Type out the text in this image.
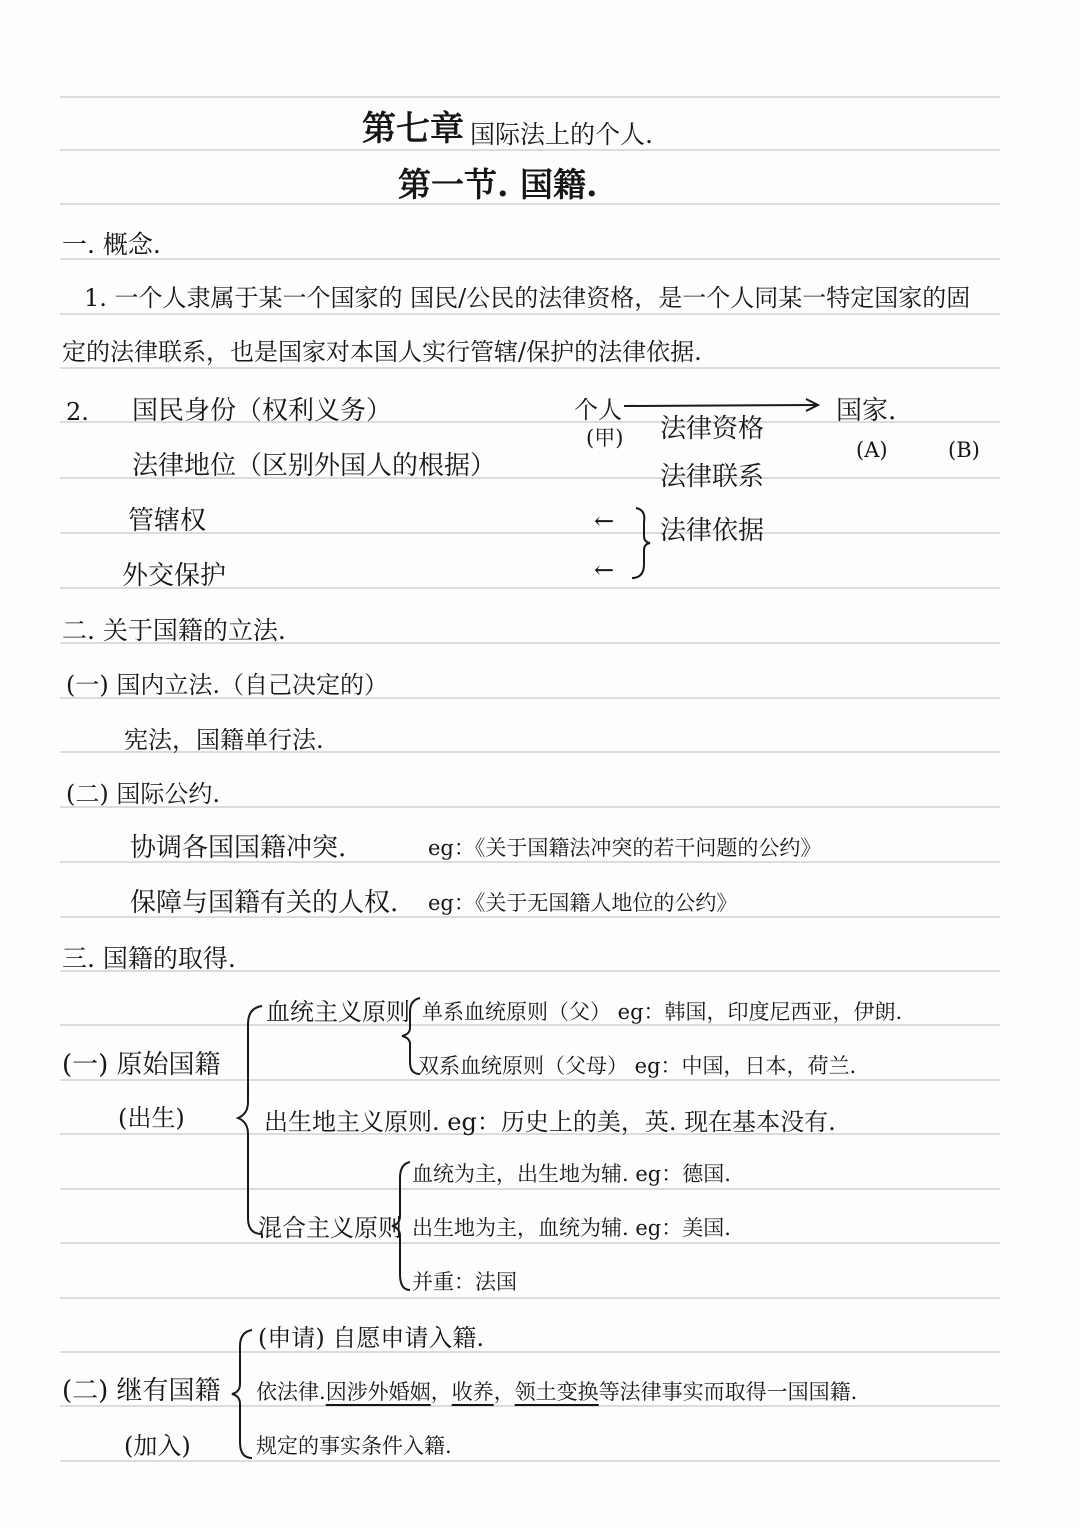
第七章 国际法上的个人.
第一节. 国籍.
一. 概念.
1. 一个人隶属于某一个国家的 国民/公民的法律资格，是一个人同某一特定国家的固
定的法律联系，也是国家对本国人实行管辖/保护的法律依据.
2. 国民身份（权利义务）
法律地位（区别外国人的根据）
管辖权
外交保护
个人
(甲)
国家.
(A)	(B)
法律资格
法律联系
法律依据
←
←
二. 关于国籍的立法.
(一) 国内立法.（自己决定的）
宪法，国籍单行法.
(二) 国际公约.
协调各国国籍冲突.	eg：《关于国籍法冲突的若干问题的公约》
保障与国籍有关的人权. eg：《关于无国籍人地位的公约》
三. 国籍的取得.
(一) 原始国籍
(出生)
血统主义原则 单系血统原则（父） eg：韩国，印度尼西亚，伊朗.
双系血统原则（父母） eg：中国，日本，荷兰.
出生地主义原则. eg：历史上的美，英. 现在基本没有.
混合主义原则
血统为主，出生地为辅. eg：德国.
出生地为主，血统为辅. eg：美国.
并重：法国
(二) 继有国籍
(加入)
(申请) 自愿申请入籍.
依法律.因涉外婚姻，收养，领土变换等法律事实而取得一国国籍.
规定的事实条件入籍.
